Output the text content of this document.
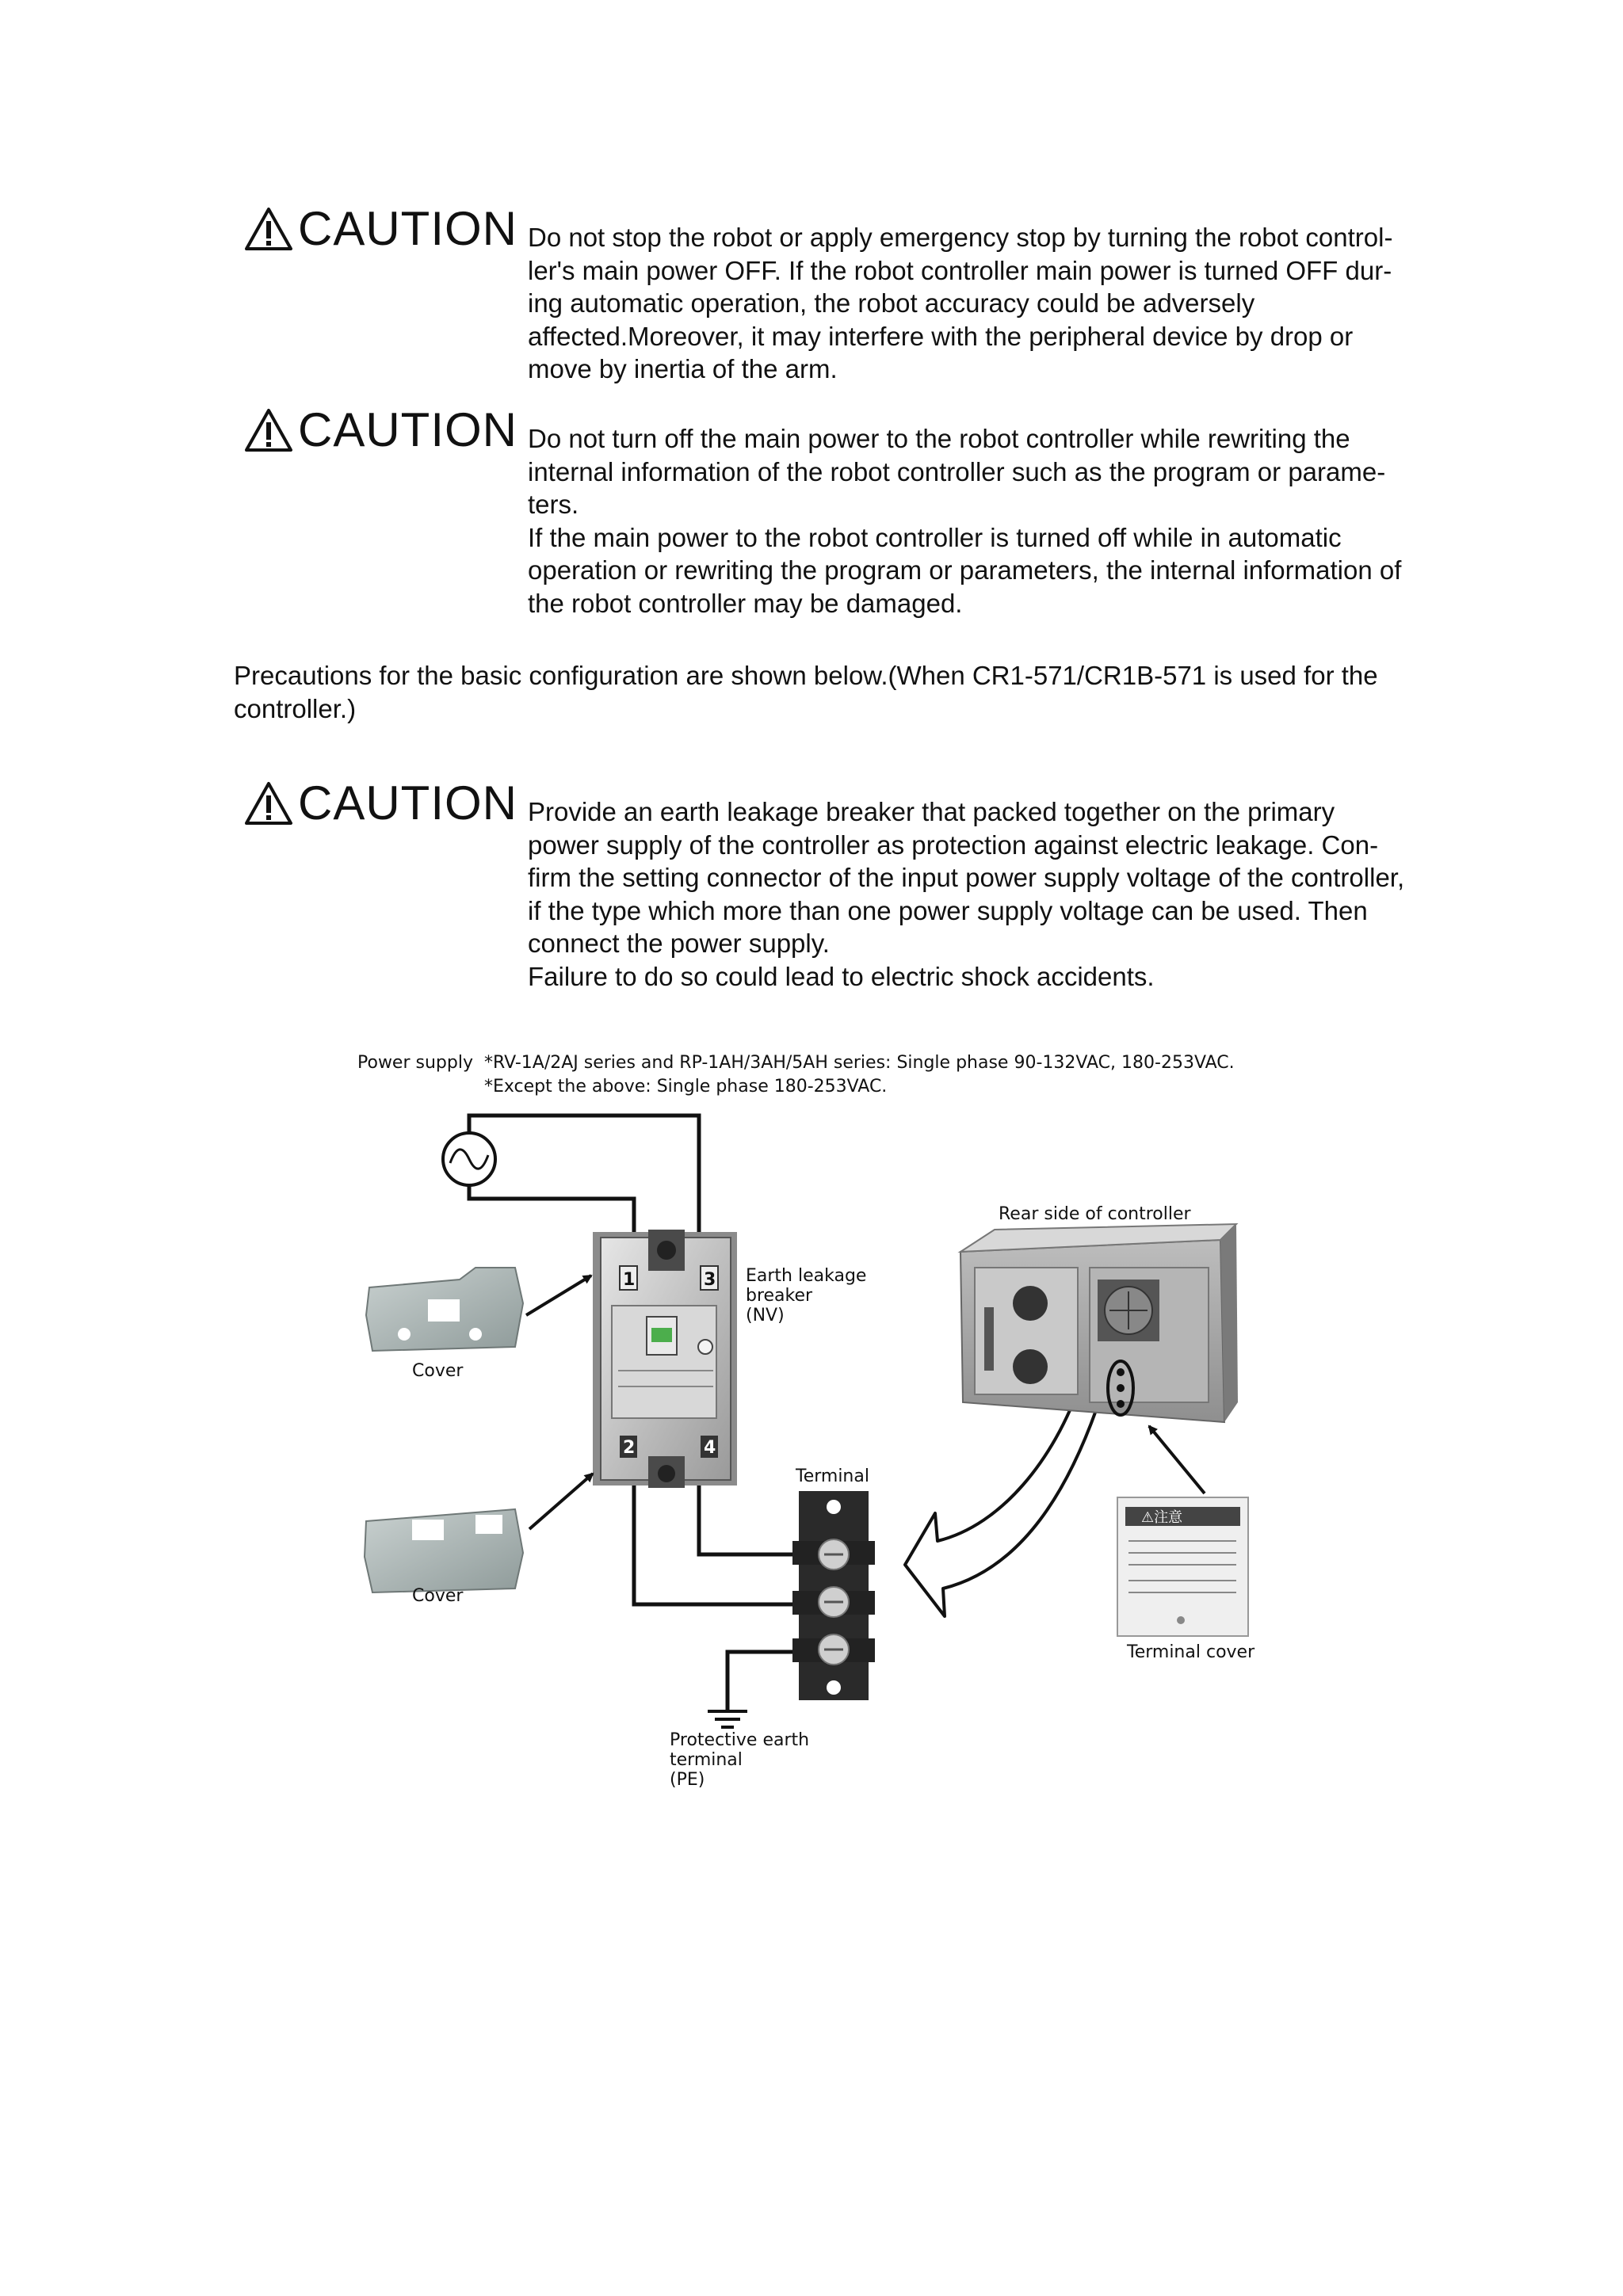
CAUTION Do not stop the robot or apply emergency stop by turning the robot control-

ler's main power OFF. If the robot controller main power is turned OFF dur-

ing automatic operation, the robot accuracy could be adversely

affected.Moreover, it may interfere with the peripheral device by drop or

move by inertia of the arm.

CAUTION Do not turn off the main power to the robot controller while rewriting the

internal information of the robot controller such as the program or parame-

ters.

If the main power to the robot controller is turned off while in automatic

operation or rewriting the program or parameters, the internal information of

the robot controller may be damaged.

Precautions for the basic configuration are shown below.(When CR1-571/CR1B-571 is used for the
controller.)
CAUTION Provide an earth leakage breaker that packed together on the primary

power supply of the controller as protection against electric leakage. Con-

firm the setting connector of the input power supply voltage of the controller,

if the type which more than one power supply voltage can be used. Then

connect the power supply.

Failure to do so could lead to electric shock accidents.

Power supply *RV-1A/2AJ series and RP-1AH/3AH/5AH series: Single phase 90-132VAC, 180-253VAC.
*Except the above: Single phase 180-253VAC.
1	3
2	4
Earth leakage
breaker
(NV)
Cover
Cover
Terminal
Protective earth
terminal
(PE)
Rear side of controller
⚠注意
Terminal cover
